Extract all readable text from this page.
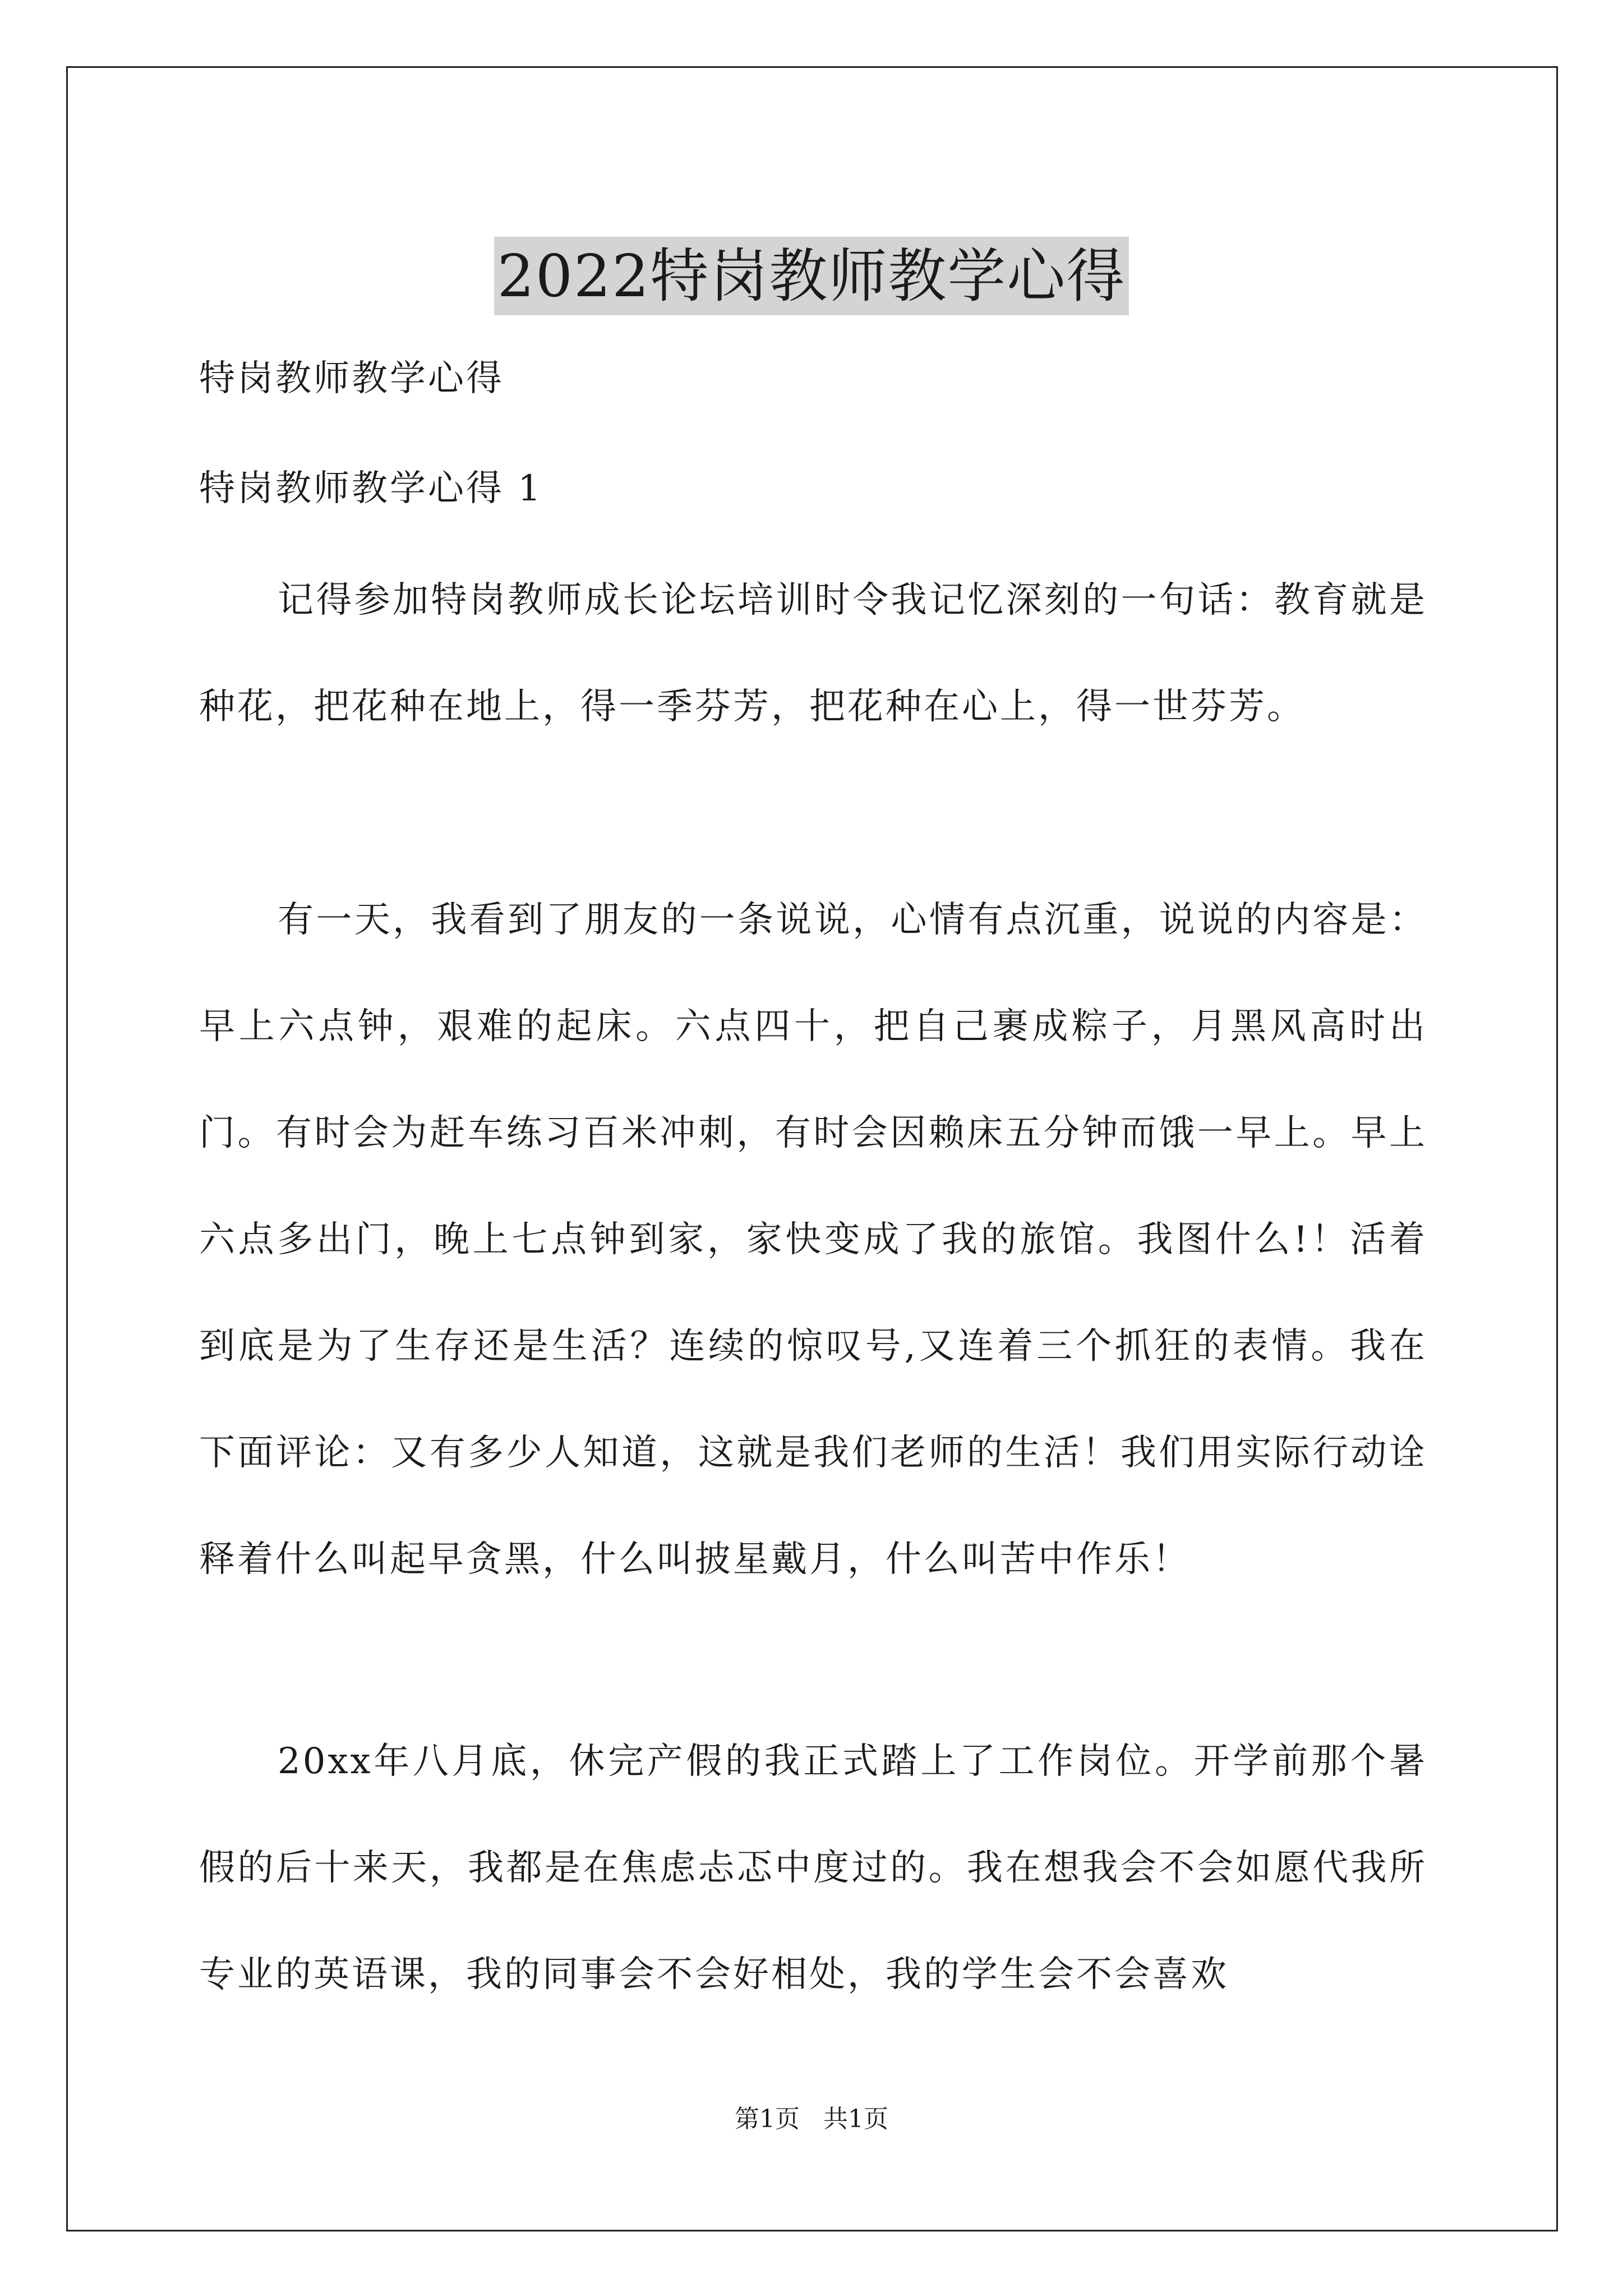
2022特岗教师教学心得
特岗教师教学心得
特岗教师教学心得 1

记得参加特岗教师成长论坛培训时令我记忆深刻的一句话：教育就是种花，把花种在地上，得一季芬芳，把花种在心上，得一世芬芳。

有一天，我看到了朋友的一条说说，心情有点沉重，说说的内容是：早上六点钟，艰难的起床。六点四十，把自己裹成粽子，月黑风高时出门。有时会为赶车练习百米冲刺，有时会因赖床五分钟而饿一早上。早上六点多出门，晚上七点钟到家，家快变成了我的旅馆。我图什么!！活着到底是为了生存还是生活？连续的惊叹号,又连着三个抓狂的表情。我在下面评论：又有多少人知道，这就是我们老师的生活！我们用实际行动诠释着什么叫起早贪黑，什么叫披星戴月，什么叫苦中作乐！

20xx年八月底，休完产假的我正式踏上了工作岗位。开学前那个暑假的后十来天，我都是在焦虑忐忑中度过的。我在想我会不会如愿代我所专业的英语课，我的同事会不会好相处，我的学生会不会喜欢

第1页 共1页
